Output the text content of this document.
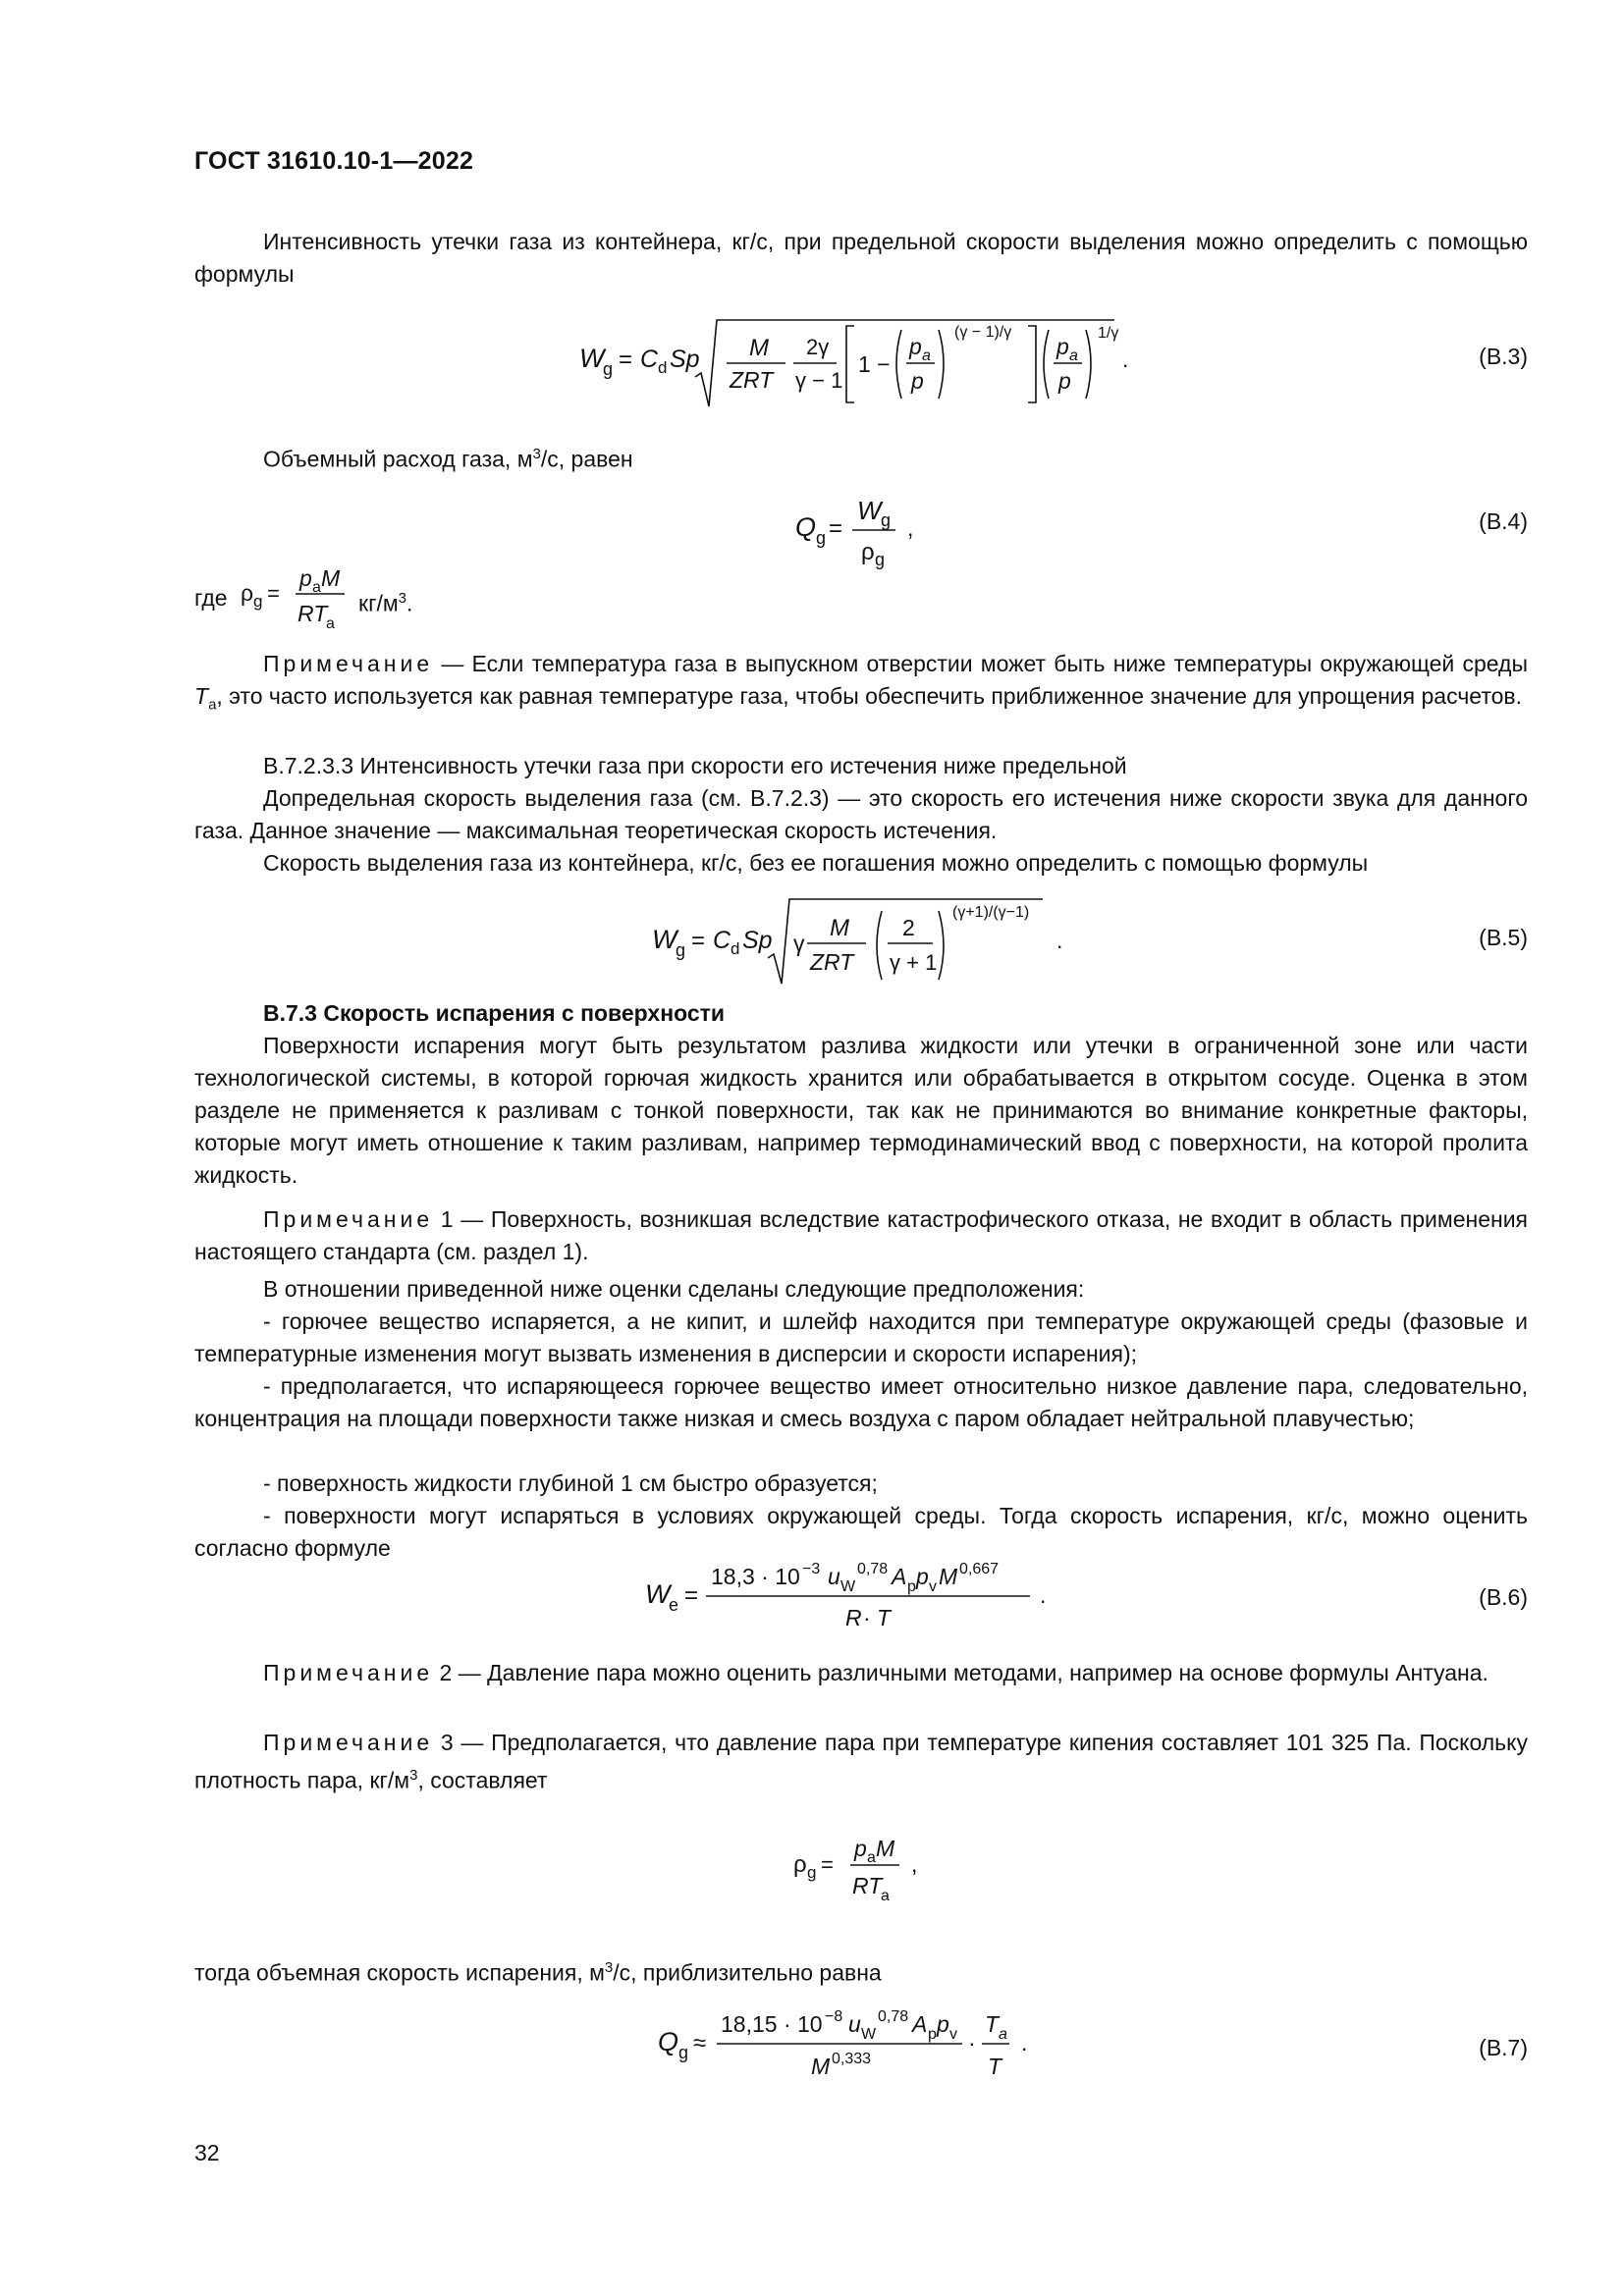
ГОСТ 31610.10-1—2022
Интенсивность утечки газа из контейнера, кг/с, при предельной скорости выделения можно определить с помощью формулы
W
g = C d Sp M
ZRT
2γ
γ − 1
1 −
p a
p
(γ − 1)/γ
p a
p
1/γ
.	(В.3)
Объемный расход газа, $м^3/с$, равен
Q g =
W g
ρ g
,	(В.4)
где ρ g =
p a M
RT
a
$кг/м^3$.
Примечание — Если температура газа в выпускном отверстии может быть ниже температуры окружающей среды $T_a$, это часто используется как равная температуре газа, чтобы обеспечить приближенное значение для упрощения расчетов.
В.7.2.3.3 Интенсивность утечки газа при скорости его истечения ниже предельной
Допредельная скорость выделения газа (см. В.7.2.3) — это скорость его истечения ниже скорости звука для данного газа. Данное значение — максимальная теоретическая скорость истечения.
Скорость выделения газа из контейнера, кг/с, без ее погашения можно определить с помощью формулы
W
g = C d Sp γ
M
ZRT
2
γ + 1
(γ+1)/(γ−1)
.	(В.5)
В.7.3 Скорость испарения с поверхности
Поверхности испарения могут быть результатом разлива жидкости или утечки в ограниченной зоне или части технологической системы, в которой горючая жидкость хранится или обрабатывается в открытом сосуде. Оценка в этом разделе не применяется к разливам с тонкой поверхности, так как не принимаются во внимание конкретные факторы, которые могут иметь отношение к таким разливам, например термодинамический ввод с поверхности, на которой пролита жидкость.
Примечание 1 — Поверхность, возникшая вследствие катастрофического отказа, не входит в область применения настоящего стандарта (см. раздел 1).
В отношении приведенной ниже оценки сделаны следующие предположения:
- горючее вещество испаряется, а не кипит, и шлейф находится при температуре окружающей среды (фазовые и температурные изменения могут вызвать изменения в дисперсии и скорости испарения);
- предполагается, что испаряющееся горючее вещество имеет относительно низкое давление пара, следовательно, концентрация на площади поверхности также низкая и смесь воздуха с паром обладает нейтральной плавучестью;
- поверхность жидкости глубиной 1 см быстро образуется;
- поверхности могут испаряться в условиях окружающей среды. Тогда скорость испарения, кг/с, можно оценить согласно формуле
W
e =
18,3 · 10 −3 u W
0,78 A p p v M 0,667
R · T
.	(В.6)
Примечание 2 — Давление пара можно оценить различными методами, например на основе формулы Антуана.
Примечание 3 — Предполагается, что давление пара при температуре кипения составляет 101 325 Па. Поскольку плотность пара, $кг/м^3$, составляет
ρ g =
p a M
RT
a
,
тогда объемная скорость испарения, $м^3/с$, приблизительно равна
Q g ≈
18,15 · 10 −8 u W
0,78 A p p v
M 0,333
·
T a
T
.	(В.7)
32
